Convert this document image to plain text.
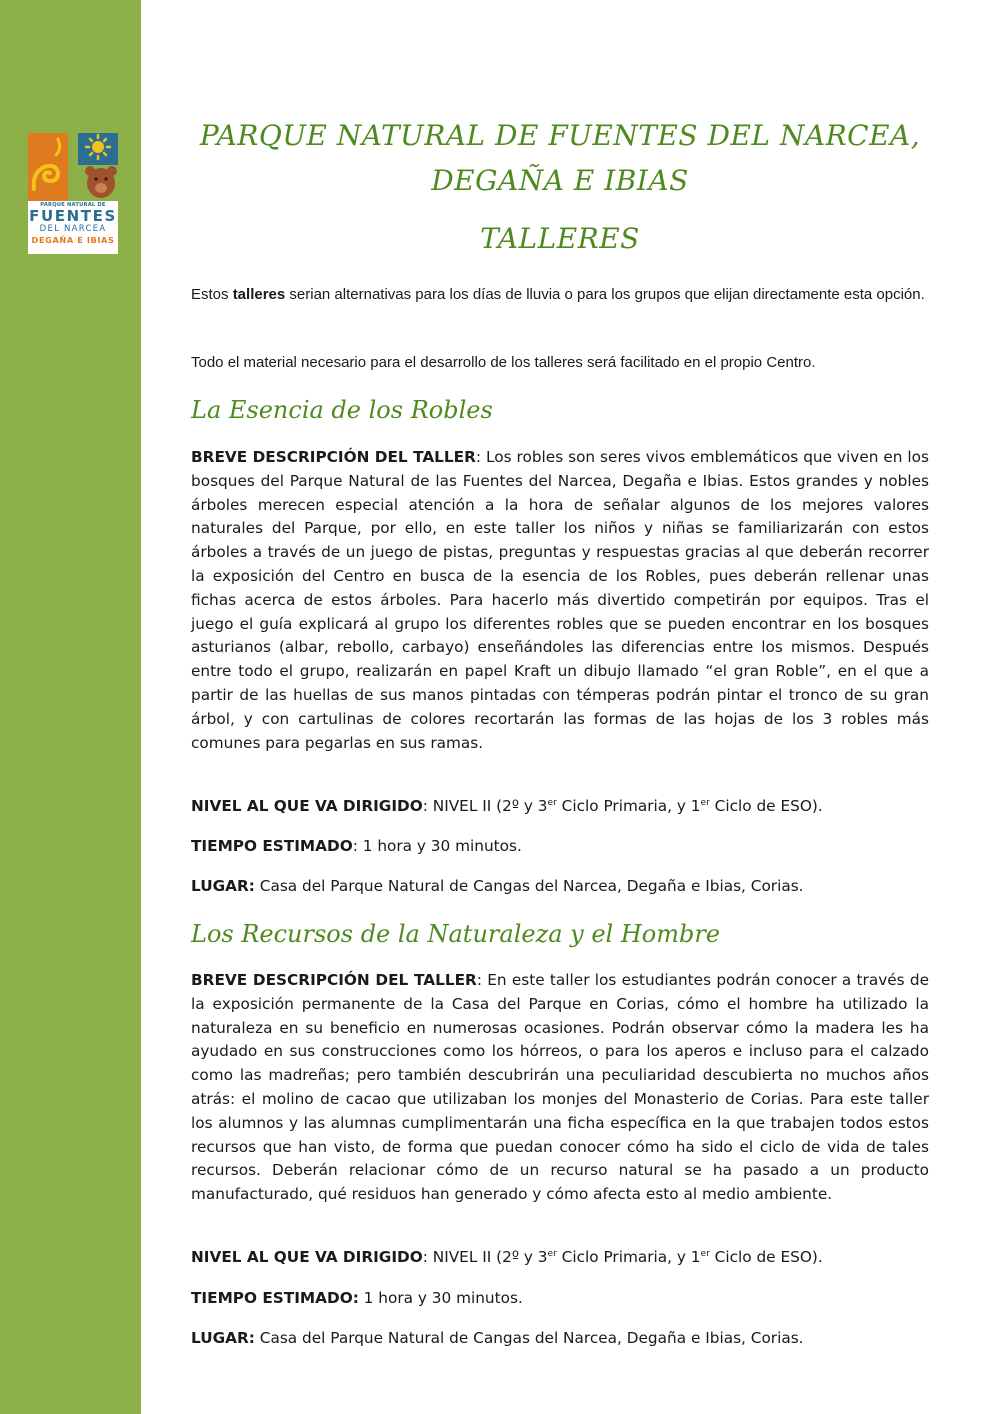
PARQUE NATURAL DE
FUENTES
DEL NARCEA
DEGAÑA E IBIAS
PARQUE NATURAL DE FUENTES DEL NARCEA,
DEGAÑA E IBIAS
TALLERES

Estos talleres serian alternativas para los días de lluvia o para los grupos que elijan directamente esta opción.

Todo el material necesario para el desarrollo de los talleres será facilitado en el propio Centro.

La Esencia de los Robles

BREVE DESCRIPCIÓN DEL TALLER: Los robles son seres vivos emblemáticos que viven en los bosques del Parque Natural de las Fuentes del Narcea, Degaña e Ibias. Estos grandes y nobles árboles merecen especial atención a la hora de señalar algunos de los mejores valores naturales del Parque, por ello, en este taller los niños y niñas se familiarizarán con estos árboles a través de un juego de pistas, preguntas y respuestas gracias al que deberán recorrer la exposición del Centro en busca de la esencia de los Robles, pues deberán rellenar unas fichas acerca de estos árboles. Para hacerlo más divertido competirán por equipos. Tras el juego el guía explicará al grupo los diferentes robles que se pueden encontrar en los bosques asturianos (albar, rebollo, carbayo) enseñándoles las diferencias entre los mismos. Después entre todo el grupo, realizarán en papel Kraft un dibujo llamado “el gran Roble”, en el que a partir de las huellas de sus manos pintadas con témperas podrán pintar el tronco de su gran árbol, y con cartulinas de colores recortarán las formas de las hojas de los 3 robles más comunes para pegarlas en sus ramas.

NIVEL AL QUE VA DIRIGIDO: NIVEL II (2º y 3er Ciclo Primaria, y 1er Ciclo de ESO).

TIEMPO ESTIMADO: 1 hora y 30 minutos.

LUGAR: Casa del Parque Natural de Cangas del Narcea, Degaña e Ibias, Corias.

Los Recursos de la Naturaleza y el Hombre

BREVE DESCRIPCIÓN DEL TALLER: En este taller los estudiantes podrán conocer a través de la exposición permanente de la Casa del Parque en Corias, cómo el hombre ha utilizado la naturaleza en su beneficio en numerosas ocasiones. Podrán observar cómo la madera les ha ayudado en sus construcciones como los hórreos, o para los aperos e incluso para el calzado como las madreñas; pero también descubrirán una peculiaridad descubierta no muchos años atrás: el molino de cacao que utilizaban los monjes del Monasterio de Corias. Para este taller los alumnos y las alumnas cumplimentarán una ficha específica en la que trabajen todos estos recursos que han visto, de forma que puedan conocer cómo ha sido el ciclo de vida de tales recursos. Deberán relacionar cómo de un recurso natural se ha pasado a un producto manufacturado, qué residuos han generado y cómo afecta esto al medio ambiente.

NIVEL AL QUE VA DIRIGIDO: NIVEL II (2º y 3er Ciclo Primaria, y 1er Ciclo de ESO).

TIEMPO ESTIMADO: 1 hora y 30 minutos.

LUGAR: Casa del Parque Natural de Cangas del Narcea, Degaña e Ibias, Corias.
